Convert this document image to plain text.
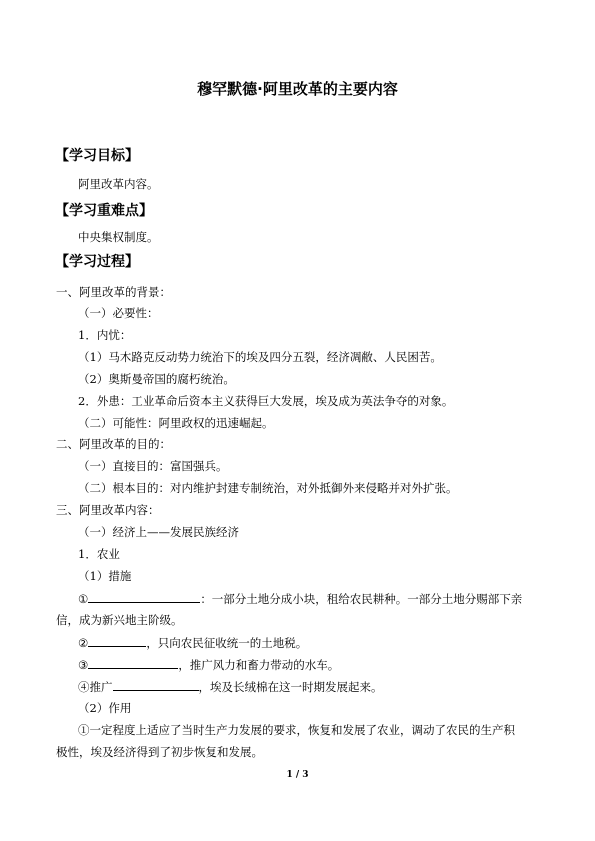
穆罕默德·阿里改革的主要内容
【学习目标】
阿里改革内容。
【学习重难点】
中央集权制度。
【学习过程】
一、阿里改革的背景：
（一）必要性：
1．内忧：
（1）马木路克反动势力统治下的埃及四分五裂，经济凋敝、人民困苦。
（2）奥斯曼帝国的腐朽统治。
2．外患：工业革命后资本主义获得巨大发展，埃及成为英法争夺的对象。
（二）可能性：阿里政权的迅速崛起。
二、阿里改革的目的：
（一）直接目的：富国强兵。
（二）根本目的：对内维护封建专制统治，对外抵御外来侵略并对外扩张。
三、阿里改革内容：
（一）经济上——发展民族经济
1．农业
（1）措施
①	：一部分土地分成小块，租给农民耕种。一部分土地分赐部下亲
信，成为新兴地主阶级。
②	，只向农民征收统一的土地税。
③	，推广风力和畜力带动的水车。
④推广	，埃及长绒棉在这一时期发展起来。
（2）作用
①一定程度上适应了当时生产力发展的要求，恢复和发展了农业，调动了农民的生产积
极性，埃及经济得到了初步恢复和发展。
1 / 3
